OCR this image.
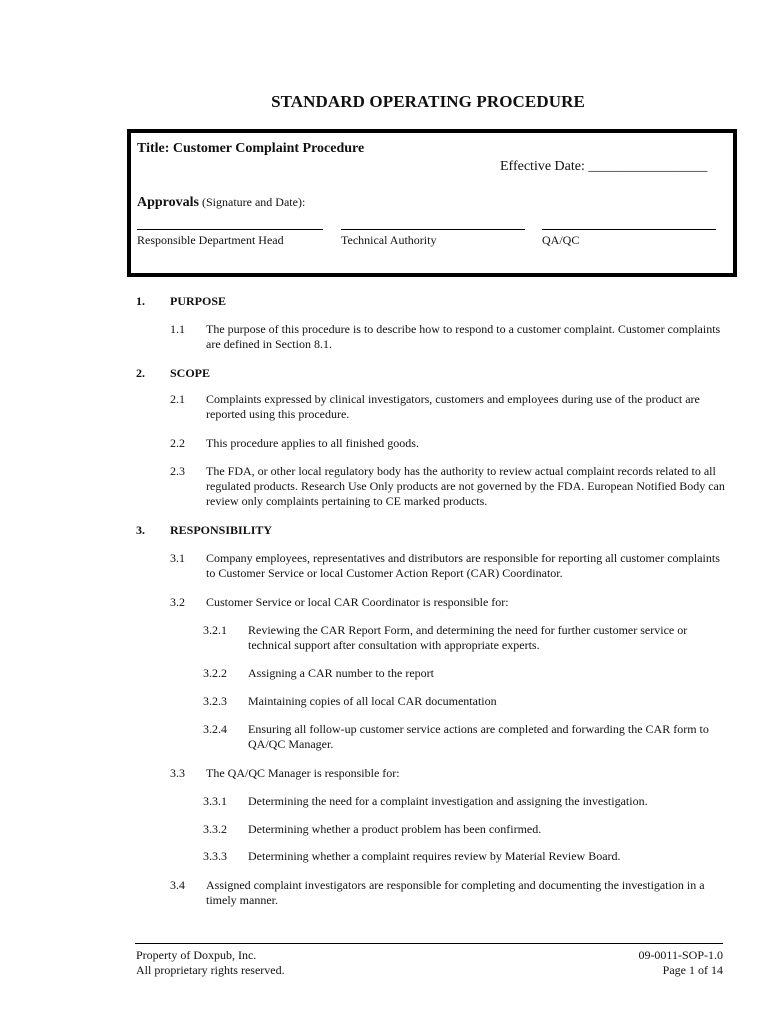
STANDARD OPERATING PROCEDURE
Title: Customer Complaint Procedure
Effective Date: _________________
Approvals (Signature and Date):
Responsible Department Head	Technical Authority	QA/QC
1. PURPOSE
1.1 The purpose of this procedure is to describe how to respond to a customer complaint. Customer complaints are defined in Section 8.1.
2. SCOPE
2.1 Complaints expressed by clinical investigators, customers and employees during use of the product are reported using this procedure.
2.2 This procedure applies to all finished goods.
2.3 The FDA, or other local regulatory body has the authority to review actual complaint records related to all regulated products. Research Use Only products are not governed by the FDA. European Notified Body can review only complaints pertaining to CE marked products.
3. RESPONSIBILITY
3.1 Company employees, representatives and distributors are responsible for reporting all customer complaints to Customer Service or local Customer Action Report (CAR) Coordinator.
3.2 Customer Service or local CAR Coordinator is responsible for:
3.2.1 Reviewing the CAR Report Form, and determining the need for further customer service or technical support after consultation with appropriate experts.
3.2.2 Assigning a CAR number to the report
3.2.3 Maintaining copies of all local CAR documentation
3.2.4 Ensuring all follow-up customer service actions are completed and forwarding the CAR form to QA/QC Manager.
3.3 The QA/QC Manager is responsible for:
3.3.1 Determining the need for a complaint investigation and assigning the investigation.
3.3.2 Determining whether a product problem has been confirmed.
3.3.3 Determining whether a complaint requires review by Material Review Board.
3.4 Assigned complaint investigators are responsible for completing and documenting the investigation in a timely manner.
Property of Doxpub, Inc.
All proprietary rights reserved.
09-0011-SOP-1.0
Page 1 of 14
